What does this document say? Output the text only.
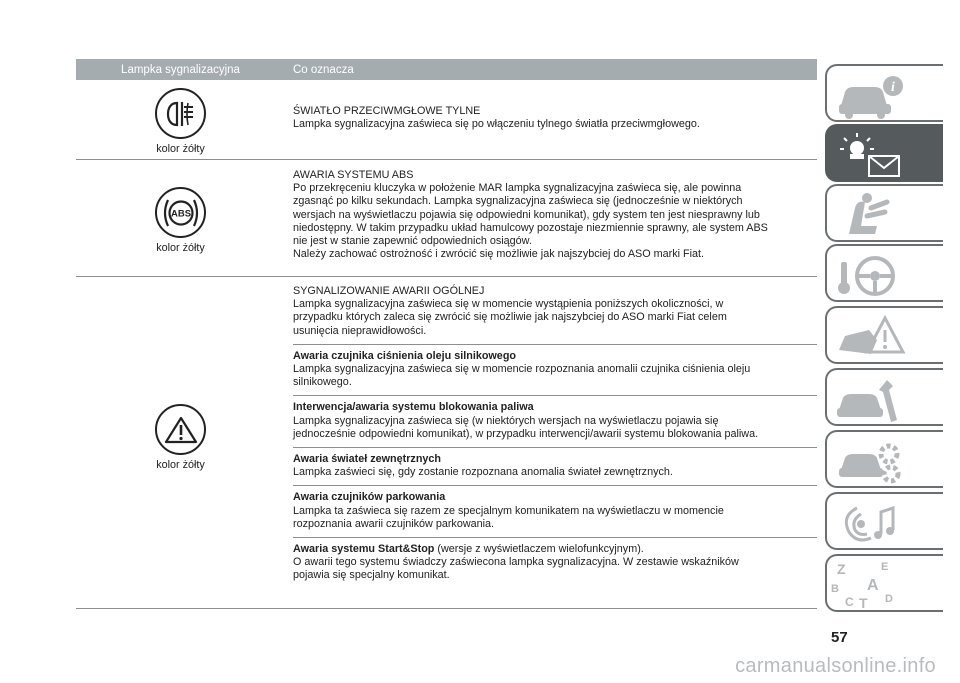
Lampka sygnalizacyjna	Co oznacza
kolor żółty

ŚWIATŁO PRZECIWMGŁOWE TYLNE

Lampka sygnalizacyjna zaświeca się po włączeniu tylnego światła przeciwmgłowego.

ABS
kolor żółty

AWARIA SYSTEMU ABS

Po przekręceniu kluczyka w położenie MAR lampka sygnalizacyjna zaświeca się, ale powinna

zgasnąć po kilku sekundach. Lampka sygnalizacyjna zaświeca się (jednocześnie w niektórych

wersjach na wyświetlaczu pojawia się odpowiedni komunikat), gdy system ten jest niesprawny lub

niedostępny. W takim przypadku układ hamulcowy pozostaje niezmiennie sprawny, ale system ABS

nie jest w stanie zapewnić odpowiednich osiągów.

Należy zachować ostrożność i zwrócić się możliwie jak najszybciej do ASO marki Fiat.

kolor żółty

SYGNALIZOWANIE AWARII OGÓLNEJ

Lampka sygnalizacyjna zaświeca się w momencie wystąpienia poniższych okoliczności, w

przypadku których zaleca się zwrócić się możliwie jak najszybciej do ASO marki Fiat celem

usunięcia nieprawidłowości.

Awaria czujnika ciśnienia oleju silnikowego

Lampka sygnalizacyjna zaświeca się w momencie rozpoznania anomalii czujnika ciśnienia oleju

silnikowego.

Interwencja/awaria systemu blokowania paliwa

Lampka sygnalizacyjna zaświeca się (w niektórych wersjach na wyświetlaczu pojawia się

jednocześnie odpowiedni komunikat), w przypadku interwencji/awarii systemu blokowania paliwa.

Awaria świateł zewnętrznych

Lampka zaświeci się, gdy zostanie rozpoznana anomalia świateł zewnętrznych.

Awaria czujników parkowania

Lampka ta zaświeca się razem ze specjalnym komunikatem na wyświetlaczu w momencie

rozpoznania awarii czujników parkowania.

Awaria systemu Start&Stop (wersje z wyświetlaczem wielofunkcyjnym).

O awarii tego systemu świadczy zaświecona lampka sygnalizacyjna. W zestawie wskaźników

pojawia się specjalny komunikat.

i
Z	E
B A
C T D
57
carmanualsonline.info
